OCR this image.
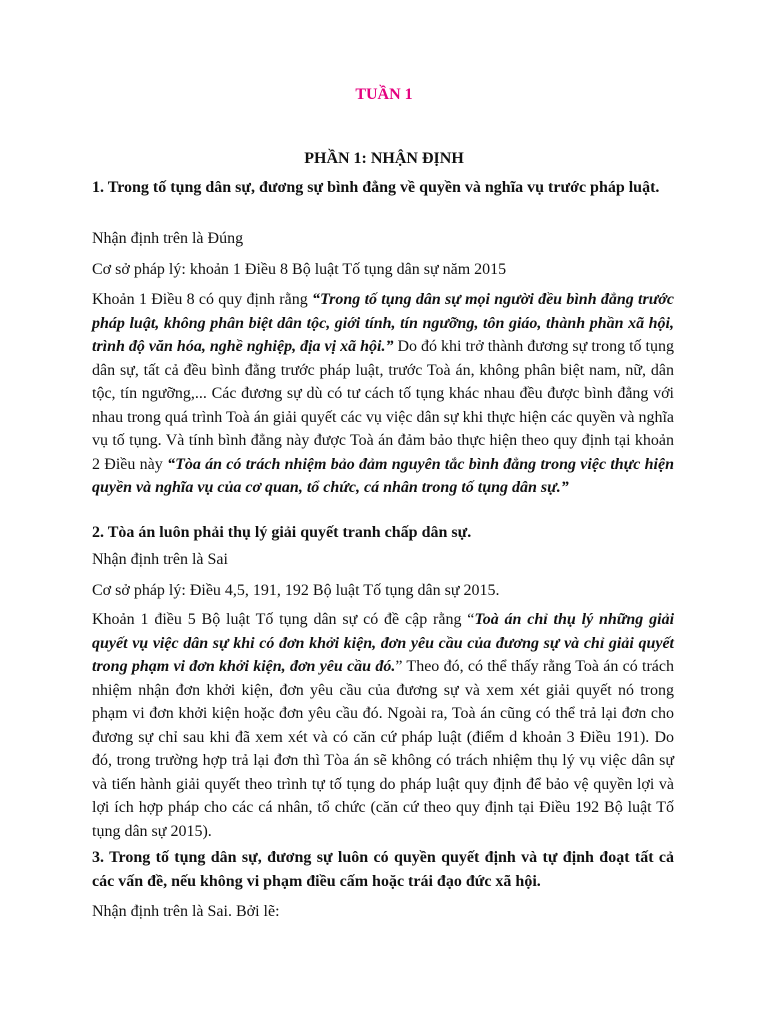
TUẦN 1
PHẦN 1: NHẬN ĐỊNH
1. Trong tố tụng dân sự, đương sự bình đẳng về quyền và nghĩa vụ trước pháp luật.
Nhận định trên là Đúng
Cơ sở pháp lý: khoản 1 Điều 8 Bộ luật Tố tụng dân sự năm 2015
Khoản 1 Điều 8 có quy định rằng “Trong tố tụng dân sự mọi người đều bình đẳng trước pháp luật, không phân biệt dân tộc, giới tính, tín ngưỡng, tôn giáo, thành phần xã hội, trình độ văn hóa, nghề nghiệp, địa vị xã hội.” Do đó khi trở thành đương sự trong tố tụng dân sự, tất cả đều bình đẳng trước pháp luật, trước Toà án, không phân biệt nam, nữ, dân tộc, tín ngưỡng,... Các đương sự dù có tư cách tố tụng khác nhau đều được bình đẳng với nhau trong quá trình Toà án giải quyết các vụ việc dân sự khi thực hiện các quyền và nghĩa vụ tố tụng. Và tính bình đẳng này được Toà án đảm bảo thực hiện theo quy định tại khoản 2 Điều này “Tòa án có trách nhiệm bảo đảm nguyên tắc bình đẳng trong việc thực hiện quyền và nghĩa vụ của cơ quan, tổ chức, cá nhân trong tố tụng dân sự.”
2. Tòa án luôn phải thụ lý giải quyết tranh chấp dân sự.
Nhận định trên là Sai
Cơ sở pháp lý: Điều 4,5, 191, 192 Bộ luật Tố tụng dân sự 2015.
Khoản 1 điều 5 Bộ luật Tố tụng dân sự có đề cập rằng “Toà án chỉ thụ lý những giải quyết vụ việc dân sự khi có đơn khởi kiện, đơn yêu cầu của đương sự và chỉ giải quyết trong phạm vi đơn khởi kiện, đơn yêu cầu đó.” Theo đó, có thể thấy rằng Toà án có trách nhiệm nhận đơn khởi kiện, đơn yêu cầu của đương sự và xem xét giải quyết nó trong phạm vi đơn khởi kiện hoặc đơn yêu cầu đó. Ngoài ra, Toà án cũng có thể trả lại đơn cho đương sự chỉ sau khi đã xem xét và có căn cứ pháp luật (điểm d khoản 3 Điều 191). Do đó, trong trường hợp trả lại đơn thì Tòa án sẽ không có trách nhiệm thụ lý vụ việc dân sự và tiến hành giải quyết theo trình tự tố tụng do pháp luật quy định để bảo vệ quyền lợi và lợi ích hợp pháp cho các cá nhân, tổ chức (căn cứ theo quy định tại Điều 192 Bộ luật Tố tụng dân sự 2015).
3. Trong tố tụng dân sự, đương sự luôn có quyền quyết định và tự định đoạt tất cả các vấn đề, nếu không vi phạm điều cấm hoặc trái đạo đức xã hội.
Nhận định trên là Sai. Bởi lẽ:
